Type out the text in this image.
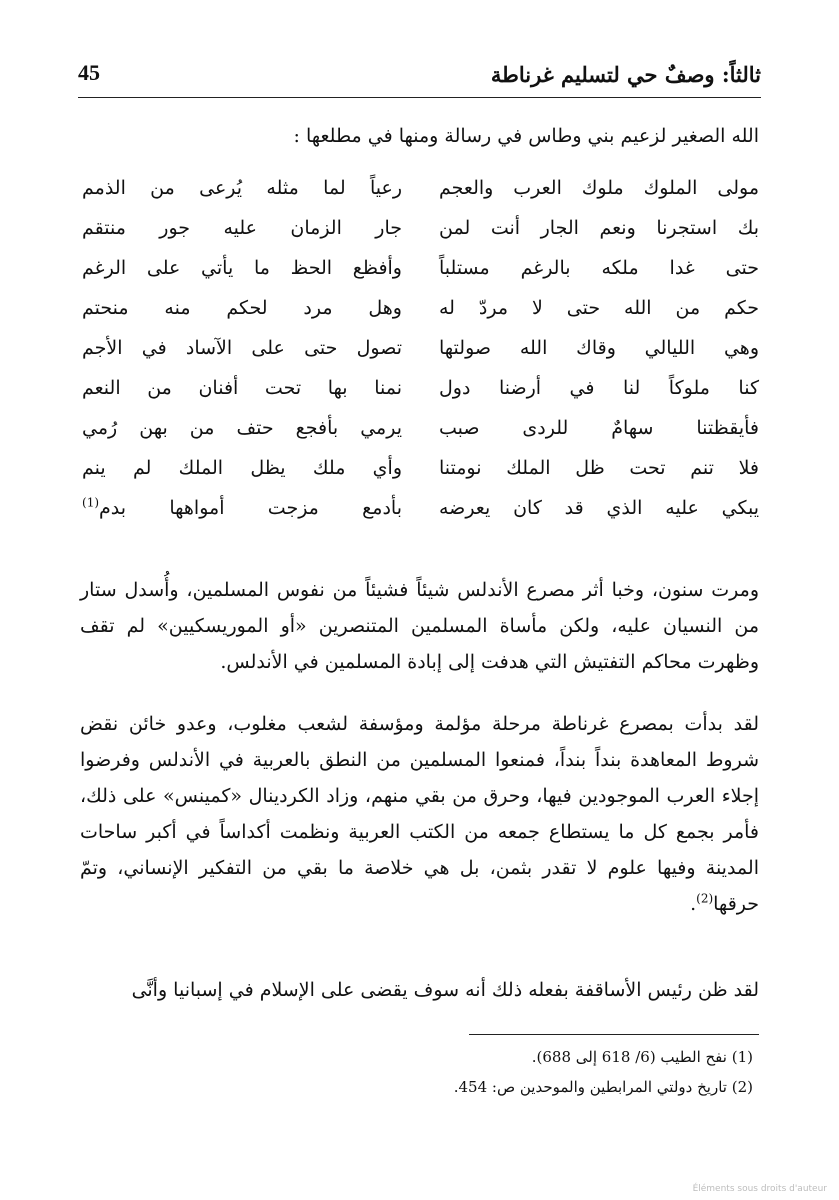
ثالثاً: وصفٌ حي لتسليم غرناطة
45
الله الصغير لزعيم بني وطاس في رسالة ومنها في مطلعها :
مولى الملوك ملوك العرب والعجم
رعياً لما مثله يُرعى من الذمم
بك استجرنا ونعم الجار أنت لمن
جار الزمان عليه جور منتقم
حتى غدا ملكه بالرغم مستلباً
وأفظع الحظ ما يأتي على الرغم
حكم من الله حتى لا مردّ له
وهل مرد لحكم منه منحتم
وهي الليالي وقاك الله صولتها
تصول حتى على الآساد في الأجم
كنا ملوكاً لنا في أرضنا دول
نمنا بها تحت أفنان من النعم
فأيقظتنا سهامٌ للردى صبب
يرمي بأفجع حتف من بهن رُمي
فلا تنم تحت ظل الملك نومتنا
وأي ملك يظل الملك لم ينم
يبكي عليه الذي قد كان يعرضه
بأدمع مزجت أمواهها بدم$^{(1)}$
ومرت سنون، وخبا أثر مصرع الأندلس شيئاً فشيئاً من نفوس المسلمين، وأُسدل ستار من النسيان عليه، ولكن مأساة المسلمين المتنصرين «أو الموريسكيين» لم تقف وظهرت محاكم التفتيش التي هدفت إلى إبادة المسلمين في الأندلس.
لقد بدأت بمصرع غرناطة مرحلة مؤلمة ومؤسفة لشعب مغلوب، وعدو خائن نقض شروط المعاهدة بنداً بنداً، فمنعوا المسلمين من النطق بالعربية في الأندلس وفرضوا إجلاء العرب الموجودين فيها، وحرق من بقي منهم، وزاد الكردينال «كمينس» على ذلك، فأمر بجمع كل ما يستطاع جمعه من الكتب العربية ونظمت أكداساً في أكبر ساحات المدينة وفيها علوم لا تقدر بثمن، بل هي خلاصة ما بقي من التفكير الإنساني، وتمّ حرقها$^{(2)}$.
لقد ظن رئيس الأساقفة بفعله ذلك أنه سوف يقضى على الإسلام في إسبانيا وأنَّى
(1) نفح الطيب (6/ 618 إلى 688).
(2) تاريخ دولتي المرابطين والموحدين ص: 454.
Éléments sous droits d'auteur
